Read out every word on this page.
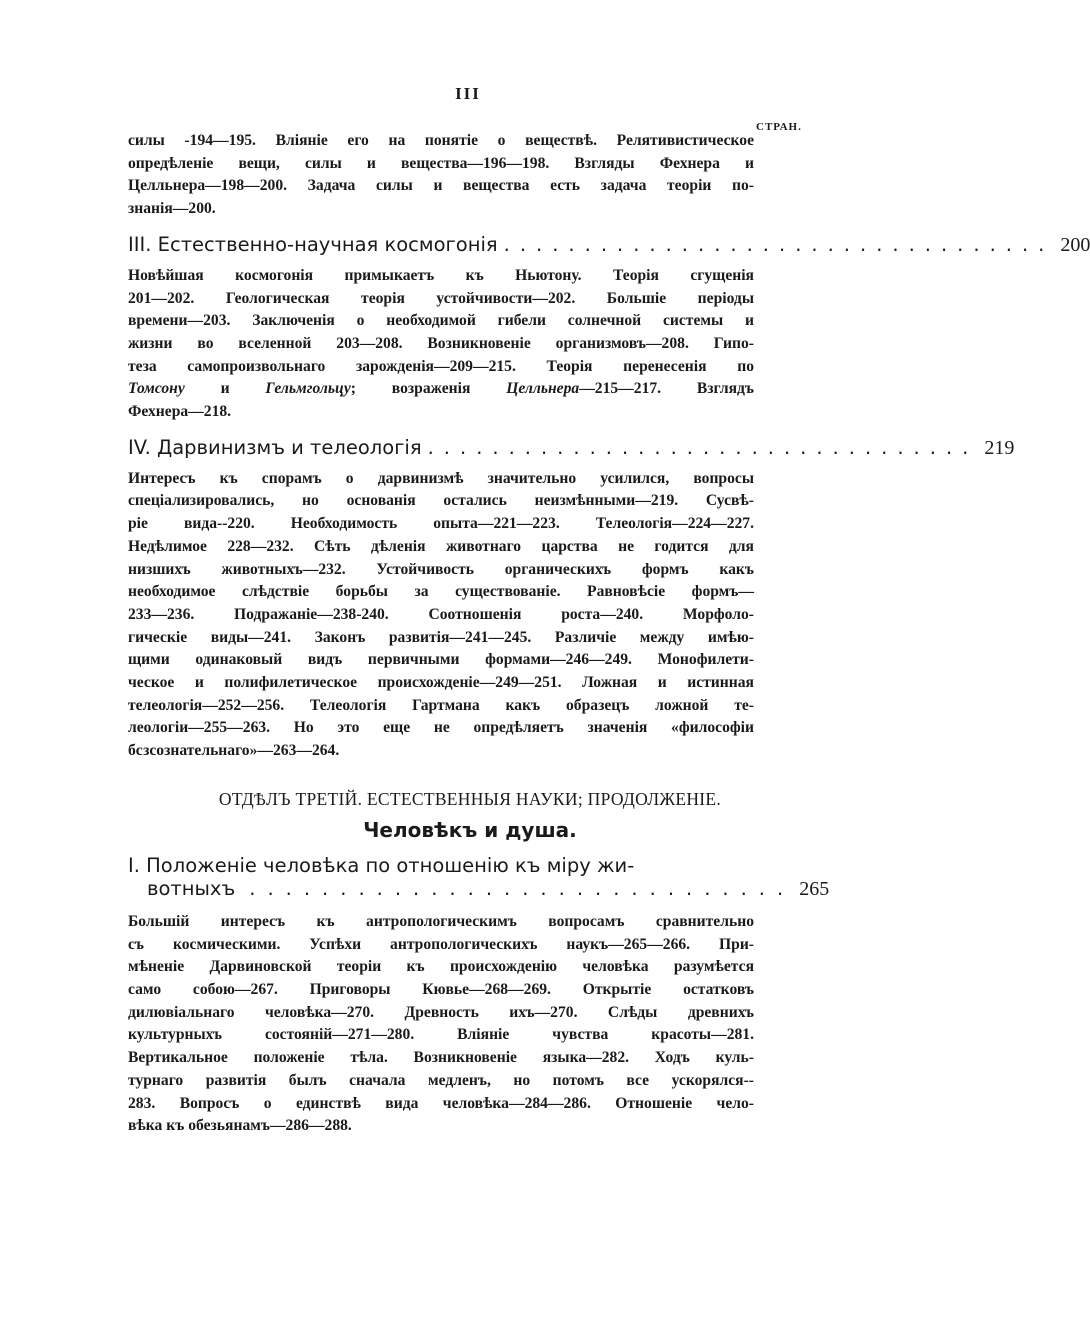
III
СТРАН.
силы -194—195. Вліяніе его на понятіе о веществѣ. Релятивистическое
опредѣленіе вещи, силы и вещества—196—198. Взгляды Фехнера и
Целльнера—198—200. Задача силы и вещества есть задача теоріи по-
знанія—200.
III. Естественно-научная космогонія .................................. 200
Новѣйшая космогонія примыкаетъ къ Ньютону. Теорія сгущенія
201—202. Геологическая теорія устойчивости—202. Большіе періоды
времени—203. Заключенія о необходимой гибели солнечной системы и
жизни во вселенной 203—208. Возникновеніе организмовъ—208. Гипо-
теза самопроизвольнаго зарожденія—209—215. Теорія перенесенія по
Томсону и Гельмгольцу; возраженія Целльнера—215—217. Взглядъ
Фехнера—218.
IV. Дарвинизмъ и телеологія .................................. 219
Интересъ къ спорамъ о дарвинизмѣ значительно усилился, вопросы
спеціализировались, но основанія остались неизмѣнными—219. Сусвѣ-
ріе вида--220. Необходимость опыта—221—223. Телеологія—224—227.
Недѣлимое 228—232. Сѣть дѣленія животнаго царства не годится для
низшихъ животныхъ—232. Устойчивость органическихъ формъ какъ
необходимое слѣдствіе борьбы за существованіе. Равновѣсіе формъ—
233—236. Подражаніе—238-240. Соотношенія роста—240. Морфоло-
гическіе виды—241. Законъ развитія—241—245. Различіе между имѣю-
щими одинаковый видъ первичными формами—246—249. Монофилети-
ческое и полифилетическое происхожденіе—249—251. Ложная и истинная
телеологія—252—256. Телеологія Гартмана какъ образецъ ложной те-
леологіи—255—263. Но это еще не опредѣляетъ значенія «философіи
бсзсознательнаго»—263—264.
ОТДѢЛЪ ТРЕТІЙ. ЕСТЕСТВЕННЫЯ НАУКИ; ПРОДОЛЖЕНІЕ.
Человѣкъ и душа.
I. Положеніе человѣка по отношенію къ міру жи-
вотныхъ .............................. 265
Большій интересъ къ антропологическимъ вопросамъ сравнительно
съ космическими. Успѣхи антропологическихъ наукъ—265—266. При-
мѣненіе Дарвиновской теоріи къ происхожденію человѣка разумѣется
само собою—267. Приговоры Кювье—268—269. Открытіе остатковъ
дилювіальнаго человѣка—270. Древность ихъ—270. Слѣды древнихъ
культурныхъ состояній—271—280. Вліяніе чувства красоты—281.
Вертикальное положеніе тѣла. Возникновеніе языка—282. Ходъ куль-
турнаго развитія былъ сначала медленъ, но потомъ все ускорялся--
283. Вопросъ о единствѣ вида человѣка—284—286. Отношеніе чело-
вѣка къ обезьянамъ—286—288.
